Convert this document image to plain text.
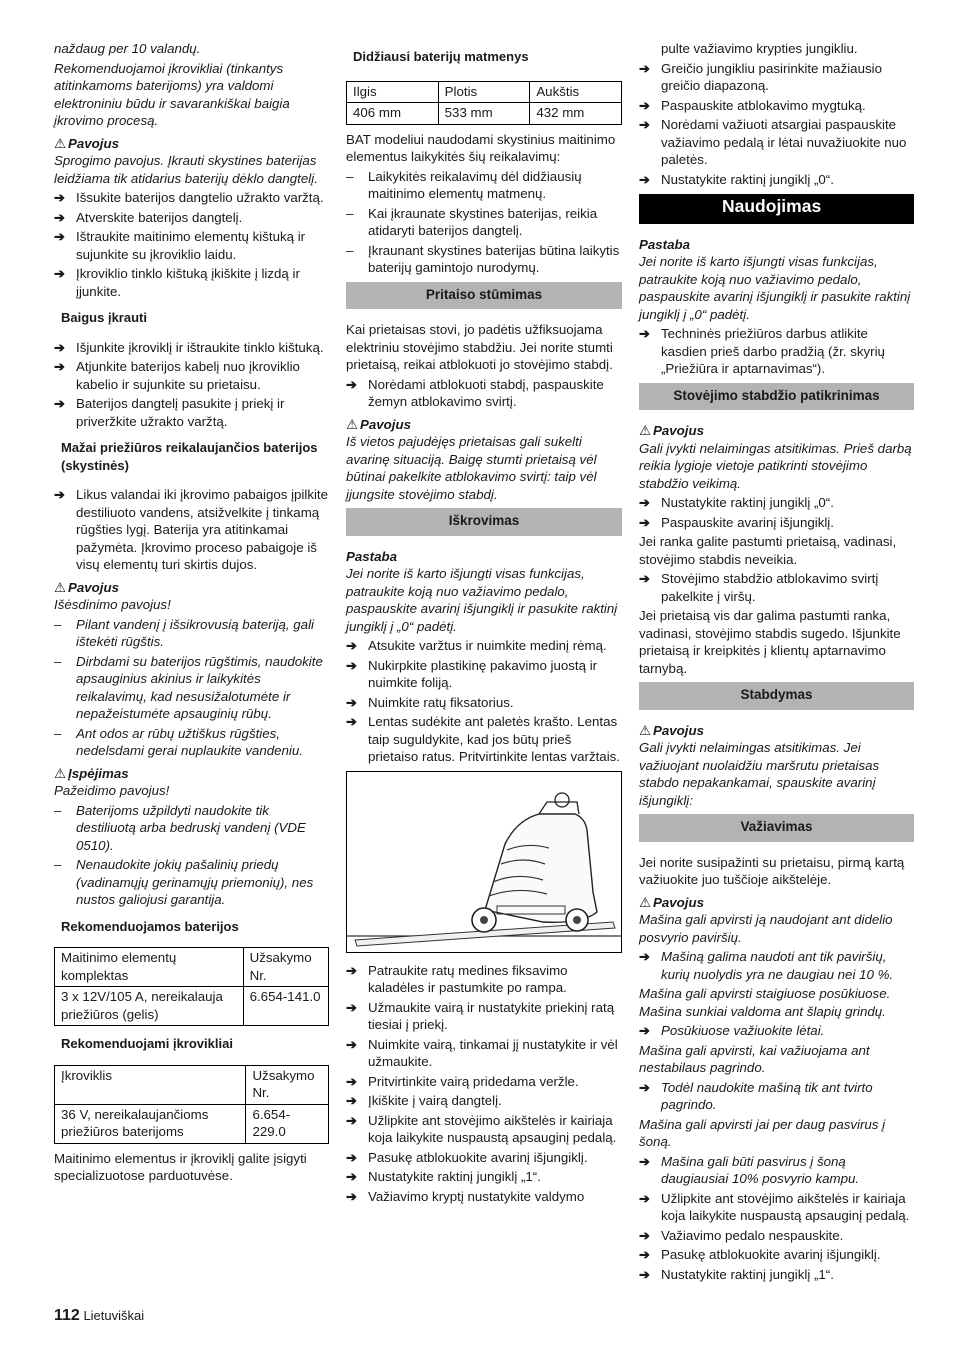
naždaug per 10 valandų.

Rekomenduojamoi įkrovikliai (tinkantys atitinkamoms baterijoms) yra valdomi elektroniniu būdu ir savarankiškai baigia įkrovimo procesą.

⚠ Pavojus

Sprogimo pavojus. Įkrauti skystines baterijas leidžiama tik atidarius baterijų dėklo dangtelį.

➔ Išsukite baterijos dangtelio užrakto varžtą.

➔ Atverskite baterijos dangtelį.

➔ Ištraukite maitinimo elementų kištuką ir sujunkite su įkroviklio laidu.

➔ Įkroviklio tinklo kištuką įkiškite į lizdą ir įjunkite.

Baigus įkrauti

➔ Išjunkite įkroviklį ir ištraukite tinklo kištuką.

➔ Atjunkite baterijos kabelį nuo įkroviklio kabelio ir sujunkite su prietaisu.

➔ Baterijos dangtelį pasukite į priekį ir priveržkite užrakto varžtą.

Mažai priežiūros reikalaujančios baterijos (skystinės)

➔ Likus valandai iki įkrovimo pabaigos įpilkite destiliuoto vandens, atsižvelkite į tinkamą rūgšties lygį. Baterija yra atitinkamai pažymėta. Įkrovimo proceso pabaigoje iš visų elementų turi skirtis dujos.

⚠ Pavojus

Išėsdinimo pavojus!

– Pilant vandenį į išsikrovusią bateriją, gali ištekėti rūgštis.

– Dirbdami su baterijos rūgštimis, naudokite apsauginius akinius ir laikykitės reikalavimų, kad nesusižalotumėte ir nepažeistumėte apsauginių rūbų.

– Ant odos ar rūbų užtiškus rūgšties, nedelsdami gerai nuplaukite vandeniu.

⚠ Įspėjimas

Pažeidimo pavojus!

– Baterijoms užpildyti naudokite tik destiliuotą arba bedruskį vandenį (VDE 0510).

– Nenaudokite jokių pašalinių priedų (vadinamųjų gerinamųjų priemonių), nes nustos galiojusi garantija.

Rekomenduojamos baterijos
Maitinimo elementų komplektas	Užsakymo Nr.
3 x 12V/105 A, nereikalauja priežiūros (gelis)	6.654-141.0
Rekomenduojami įkrovikliai
Įkroviklis	Užsakymo Nr.
36 V, nereikalaujančioms priežiūros baterijoms	6.654-229.0

Maitinimo elementus ir įkroviklį galite įsigyti specializuotose parduotuvėse.

Didžiausi baterijų matmenys
Ilgis	Plotis	Aukštis
406 mm	533 mm	432 mm

BAT modeliui naudodami skystinius maitinimo elementus laikykitės šių reikalavimų:

– Laikykitės reikalavimų dėl didžiausių maitinimo elementų matmenų.

– Kai įkraunate skystines baterijas, reikia atidaryti baterijos dangtelį.

– Įkraunant skystines baterijas būtina laikytis baterijų gamintojo nurodymų.

Pritaiso stūmimas

Kai prietaisas stovi, jo padėtis užfiksuojama elektriniu stovėjimo stabdžiu. Jei norite stumti prietaisą, reikai atblokuoti jo stovėjimo stabdį.

➔ Norėdami atblokuoti stabdį, paspauskite žemyn atblokavimo svirtį.

⚠ Pavojus

Iš vietos pajudėjęs prietaisas gali sukelti avarinę situaciją. Baigę stumti prietaisą vėl būtinai pakelkite atblokavimo svirtį: taip vėl įjungsite stovėjimo stabdį.

Iškrovimas
Pastaba

Jei norite iš karto išjungti visas funkcijas, patraukite koją nuo važiavimo pedalo, paspauskite avarinį išjungiklį ir pasukite raktinį jungiklį į „0“ padėtį.

➔ Atsukite varžtus ir nuimkite medinį rėmą.

➔ Nukirpkite plastikinę pakavimo juostą ir nuimkite foliją.

➔ Nuimkite ratų fiksatorius.

➔ Lentas sudėkite ant paletės krašto. Lentas taip suguldykite, kad jos būtų prieš prietaiso ratus. Pritvirtinkite lentas varžtais.

➔ Patraukite ratų medines fiksavimo kaladėles ir pastumkite po rampa.

➔ Užmaukite vairą ir nustatykite priekinį ratą tiesiai į priekį.

➔ Nuimkite vairą, tinkamai jį nustatykite ir vėl užmaukite.

➔ Pritvirtinkite vairą pridedama veržle.

➔ Įkiškite į vairą dangtelį.

➔ Užlipkite ant stovėjimo aikštelės ir kairiaja koja laikykite nuspaustą apsauginį pedalą.

➔ Pasukę atblokuokite avarinį išjungiklį.

➔ Nustatykite raktinį jungiklį „1“.

➔ Važiavimo kryptį nustatykite valdymo

pulte važiavimo krypties jungikliu.

➔ Greičio jungikliu pasirinkite mažiausio greičio diapazoną.

➔ Paspauskite atblokavimo mygtuką.

➔ Norėdami važiuoti atsargiai paspauskite važiavimo pedalą ir lėtai nuvažiuokite nuo paletės.

➔ Nustatykite raktinį jungiklį „0“.

Naudojimas
Pastaba

Jei norite iš karto išjungti visas funkcijas, patraukite koją nuo važiavimo pedalo, paspauskite avarinį išjungiklį ir pasukite raktinį jungiklį į „0“ padėtį.

➔ Techninės priežiūros darbus atlikite kasdien prieš darbo pradžią (žr. skyrių „Priežiūra ir aptarnavimas“).

Stovėjimo stabdžio patikrinimas
⚠ Pavojus

Gali įvykti nelaimingas atsitikimas. Prieš darbą reikia lygioje vietoje patikrinti stovėjimo stabdžio veikimą.

➔ Nustatykite raktinį jungiklį „0“.

➔ Paspauskite avarinį išjungiklį.

Jei ranka galite pastumti prietaisą, vadinasi, stovėjimo stabdis neveikia.

➔ Stovėjimo stabdžio atblokavimo svirtį pakelkite į viršų.

Jei prietaisą vis dar galima pastumti ranka, vadinasi, stovėjimo stabdis sugedo. Išjunkite prietaisą ir kreipkitės į klientų aptarnavimo tarnybą.

Stabdymas
⚠ Pavojus

Gali įvykti nelaimingas atsitikimas. Jei važiuojant nuolaidžiu maršrutu prietaisas stabdo nepakankamai, spauskite avarinį išjungiklį:

Važiavimas

Jei norite susipažinti su prietaisu, pirmą kartą važiuokite juo tuščioje aikštelėje.

⚠ Pavojus

Mašina gali apvirsti ją naudojant ant didelio posvyrio paviršių.

➔ Mašiną galima naudoti ant tik paviršių, kurių nuolydis yra ne daugiau nei 10 %.

Mašina gali apvirsti staigiuose posūkiuose. Mašina sunkiai valdoma ant šlapių grindų.

➔ Posūkiuose važiuokite lėtai.

Mašina gali apvirsti, kai važiuojama ant nestabilaus pagrindo.

➔ Todėl naudokite mašiną tik ant tvirto pagrindo.

Mašina gali apvirsti jai per daug pasvirus į šoną.

➔ Mašina gali būti pasvirus į šoną daugiausiai 10% posvyrio kampu.

➔ Užlipkite ant stovėjimo aikštelės ir kairiaja koja laikykite nuspaustą apsauginį pedalą.

➔ Važiavimo pedalo nespauskite.

➔ Pasukę atblokuokite avarinį išjungiklį.

➔ Nustatykite raktinį jungiklį „1“.

112 Lietuviškai
